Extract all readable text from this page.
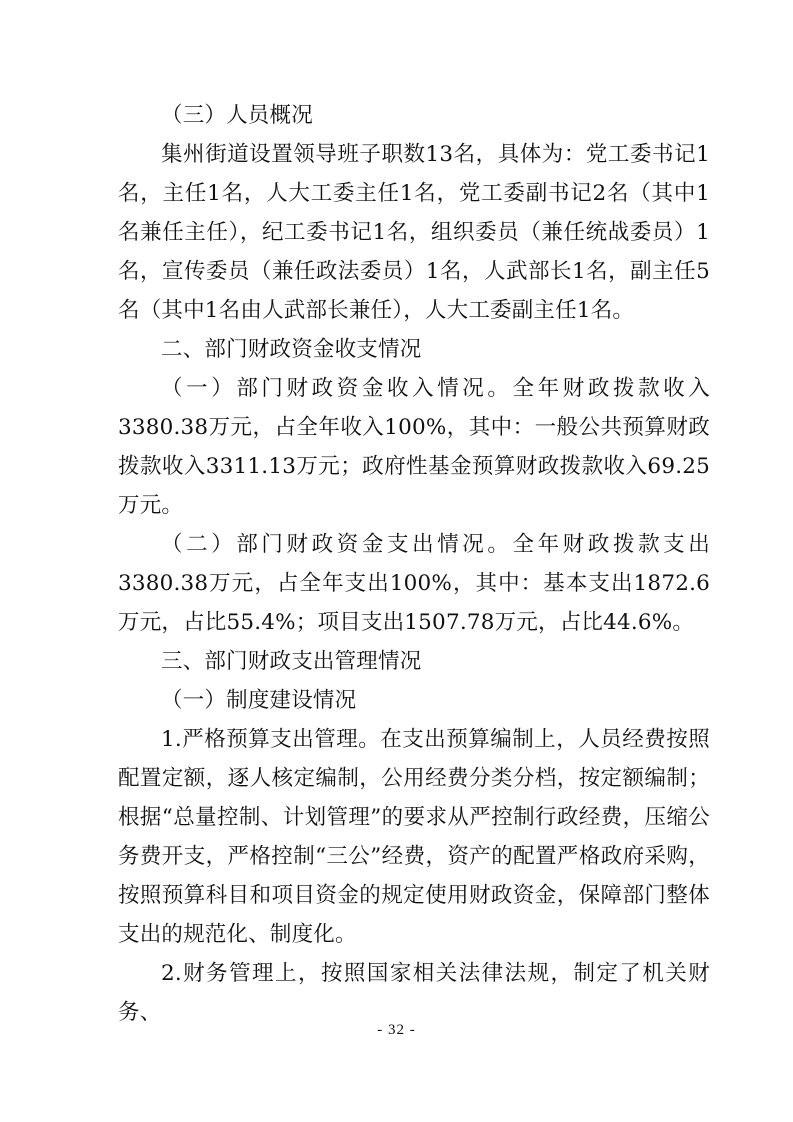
（三）人员概况

集州街道设置领导班子职数13名，具体为：党工委书记1名，主任1名，人大工委主任1名，党工委副书记2名（其中1名兼任主任），纪工委书记1名，组织委员（兼任统战委员）1名，宣传委员（兼任政法委员）1名，人武部长1名，副主任5名（其中1名由人武部长兼任），人大工委副主任1名。

二、部门财政资金收支情况

（一）部门财政资金收入情况。全年财政拨款收入3380.38万元，占全年收入100%，其中：一般公共预算财政拨款收入3311.13万元；政府性基金预算财政拨款收入69.25 万元。

（二）部门财政资金支出情况。全年财政拨款支出3380.38万元，占全年支出100%，其中：基本支出1872.6万元，占比55.4%；项目支出1507.78万元，占比44.6%。

三、部门财政支出管理情况

（一）制度建设情况

1.严格预算支出管理。在支出预算编制上，人员经费按照配置定额，逐人核定编制，公用经费分类分档，按定额编制；根据“总量控制、计划管理”的要求从严控制行政经费，压缩公务费开支，严格控制“三公”经费，资产的配置严格政府采购，按照预算科目和项目资金的规定使用财政资金，保障部门整体支出的规范化、制度化。

2.财务管理上，按照国家相关法律法规，制定了机关财务、

- 32 -
